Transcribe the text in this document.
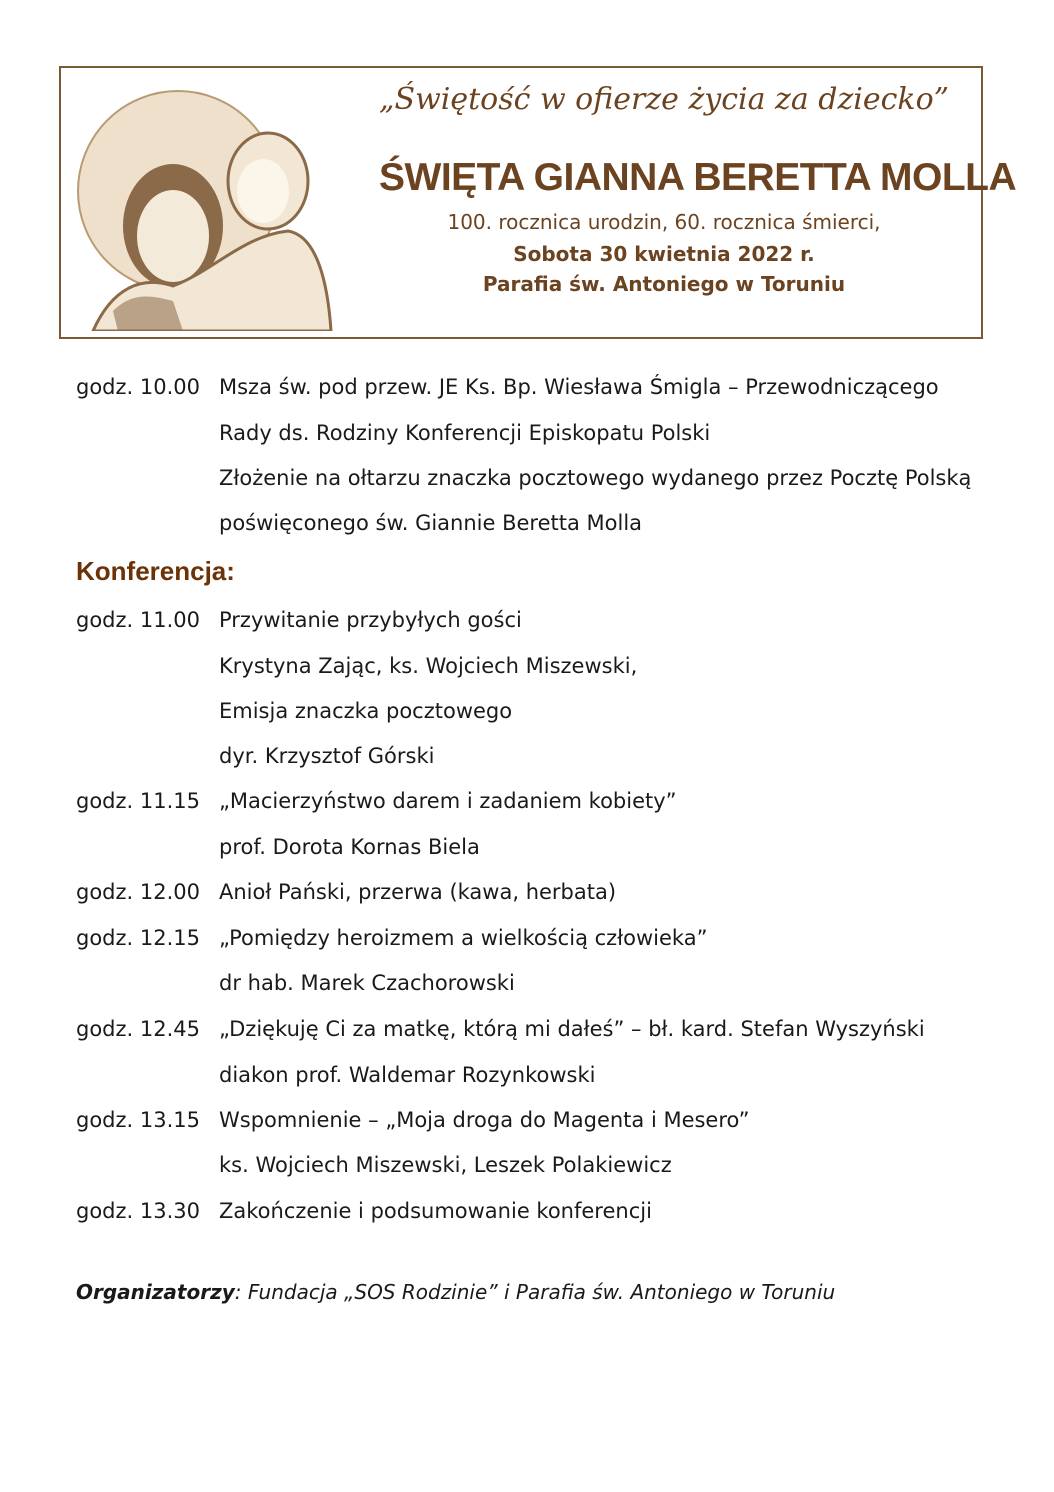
„Świętość w ofierze życia za dziecko”
ŚWIĘTA GIANNA BERETTA MOLLA
100. rocznica urodzin, 60. rocznica śmierci,
Sobota 30 kwietnia 2022 r.
Parafia św. Antoniego w Toruniu
godz. 10.00 Msza św. pod przew. JE Ks. Bp. Wiesława Śmigla – Przewodniczącego
Rady ds. Rodziny Konferencji Episkopatu Polski
Złożenie na ołtarzu znaczka pocztowego wydanego przez Pocztę Polską
poświęconego św. Giannie Beretta Molla
Konferencja:
godz. 11.00 Przywitanie przybyłych gości
Krystyna Zając, ks. Wojciech Miszewski,
Emisja znaczka pocztowego
dyr. Krzysztof Górski
godz. 11.15 „Macierzyństwo darem i zadaniem kobiety”
prof. Dorota Kornas Biela
godz. 12.00 Anioł Pański, przerwa (kawa, herbata)
godz. 12.15 „Pomiędzy heroizmem a wielkością człowieka”
dr hab. Marek Czachorowski
godz. 12.45 „Dziękuję Ci za matkę, którą mi dałeś” – bł. kard. Stefan Wyszyński
diakon prof. Waldemar Rozynkowski
godz. 13.15 Wspomnienie – „Moja droga do Magenta i Mesero”
ks. Wojciech Miszewski, Leszek Polakiewicz
godz. 13.30 Zakończenie i podsumowanie konferencji
Organizatorzy: Fundacja „SOS Rodzinie” i Parafia św. Antoniego w Toruniu
